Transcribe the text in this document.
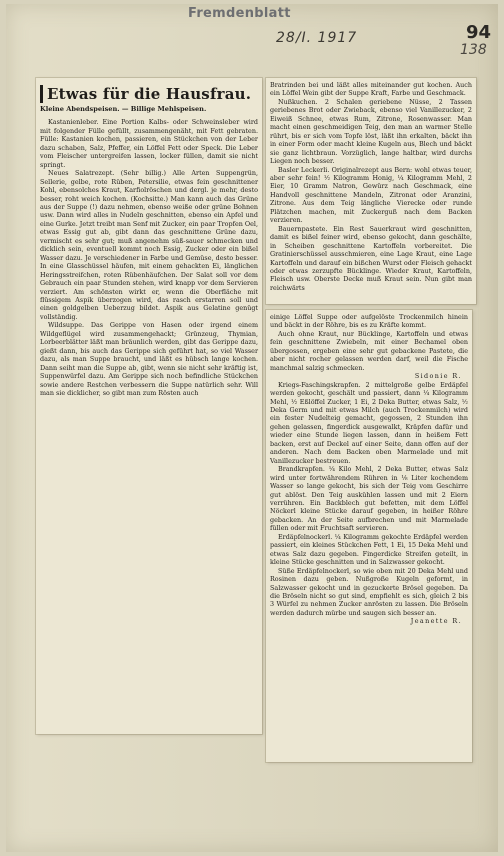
Fremdenblatt
28/I. 1917	94
138
Etwas für die Hausfrau.
Kleine Abendspeisen. — Billige Mehlspeisen.

Kastanienleber. Eine Portion Kalbs- oder Schweinsleber wird mit folgender Fülle gefüllt, zusammengenäht, mit Fett gebraten. Fülle: Kastanien kochen, passieren, ein Stückchen von der Leber dazu schaben, Salz, Pfeffer, ein Löffel Fett oder Speck. Die Leber vom Fleischer untergreifen lassen, locker füllen, damit sie nicht springt.

Neues Salatrezept. (Sehr billig.) Alle Arten Suppengrün, Sellerie, gelbe, rote Rüben, Petersilie, etwas fein geschnittener Kohl, ebensolches Kraut, Karfiolröschen und dergl. je mehr, desto besser, roht weich kochen. (Kochsitte.) Man kann auch das Grüne aus der Suppe (!) dazu nehmen, ebenso weiße oder grüne Bohnen usw. Dann wird alles in Nudeln geschnitten, ebenso ein Apfel und eine Gurke. Jetzt treibt man Senf mit Zucker, ein paar Tropfen Oel, etwas Essig gut ab, gibt dann das geschnittene Grüne dazu, vermischt es sehr gut; muß angenehm süß-sauer schmecken und dicklich sein, eventuell kommt noch Essig, Zucker oder ein bißel Wasser dazu. Je verschiedener in Farbe und Gemüse, desto besser. In eine Glasschüssel häufen, mit einem gehackten Ei, länglichen Heringsstreifchen, roten Rübenhäufchen. Der Salat soll vor dem Gebrauch ein paar Stunden stehen, wird knapp vor dem Servieren verziert. Am schönsten wirkt er, wenn die Oberfläche mit flüssigem Aspik überzogen wird, das rasch erstarren soll und einen goldgelben Ueberzug bildet. Aspik aus Gelatine genügt vollständig.

Wildsuppe. Das Gerippe von Hasen oder irgend einem Wildgeflügel wird zusammengehackt; Grünzeug, Thymian, Lorbeerblätter läßt man bräunlich werden, gibt das Gerippe dazu, gießt dann, bis auch das Gerippe sich geführt hat, so viel Wasser dazu, als man Suppe braucht, und läßt es hübsch lange kochen. Dann seiht man die Suppe ab, gibt, wenn sie nicht sehr kräftig ist, Suppenwürfel dazu. Am Gerippe sich noch befindliche Stückchen sowie andere Restchen verbessern die Suppe natürlich sehr. Will man sie dicklicher, so gibt man zum Rösten auch

Bratrinden bei und läßt alles miteinander gut kochen. Auch ein Löffel Wein gibt der Suppe Kraft, Farbe und Geschmack.

Nußkuchen. 2 Schalen geriebene Nüsse, 2 Tassen geriebenes Brot oder Zwieback, ebenso viel Vanillezucker, 2 Eiweiß Schnee, etwas Rum, Zitrone, Rosenwasser. Man macht einen geschmeidigen Teig, den man an warmer Stelle rührt, bis er sich vom Topfe löst, läßt ihn erkalten, bäckt ihn in einer Form oder macht kleine Kugeln aus, Blech und bäckt sie ganz lichtbraun. Vorzüglich, lange haltbar, wird durchs Liegen noch besser.

Basler Leckerli. Originalrezept aus Bern: wohl etwas teuer, aber sehr fein! ½ Kilogramm Honig, ¼ Kilogramm Mehl, 2 Eier, 10 Gramm Natron, Gewürz nach Geschmack, eine Handvoll geschnittene Mandeln, Zitronat oder Aranzini, Zitrone. Aus dem Teig längliche Vierecke oder runde Plätzchen machen, mit Zuckerguß nach dem Backen verzieren.

Bauernpastete. Ein Rest Sauerkraut wird geschnitten, damit es bißel feiner wird, ebenso gekocht, dann geschälte, in Scheiben geschnittene Kartoffeln vorbereitet. Die Gratinierschüssel ausschmieren, eine Lage Kraut, eine Lage Kartoffeln und darauf ein bißchen Wurst oder Fleisch gehackt oder etwas zerzupfte Bücklinge. Wieder Kraut, Kartoffeln, Fleisch usw. Oberste Decke muß Kraut sein. Nun gibt man reichwärts

einige Löffel Suppe oder aufgelöste Trockenmilch hinein und bäckt in der Röhre, bis es zu Kräfte kommt.

Auch ohne Kraut, nur Bücklinge, Kartoffeln und etwas fein geschnittene Zwiebeln, mit einer Bechamel oben übergossen, ergeben eine sehr gut gebackene Pastete, die aber nicht rocher gelassen werden darf, weil die Fische manchmal salzig schmecken.

Sidonie R.

Kriegs-Faschingskrapfen. 2 mittelgroße gelbe Erdäpfel werden gekocht, geschält und passiert, dann ¼ Kilogramm Mehl, ½ Eßlöffel Zucker, 1 Ei, 2 Deka Butter, etwas Salz, ½ Deka Germ und mit etwas Milch (auch Trockenmilch) wird ein fester Nudelteig gemacht, gegossen, 2 Stunden ihn gehen gelassen, fingerdick ausgewalkt, Kräpfen dafür und wieder eine Stunde liegen lassen, dann in heißem Fett backen, erst auf Deckel auf einer Seite, dann offen auf der anderen. Nach dem Backen oben Marmelade und mit Vanillezucker bestreuen.

Brandkrapfen. ¼ Kilo Mehl, 2 Deka Butter, etwas Salz wird unter fortwährendem Rühren in ⅛ Liter kochendem Wasser so lange gekocht, bis sich der Teig vom Geschirre gut ablöst. Den Teig auskühlen lassen und mit 2 Eiern verrühren. Ein Backblech gut befetten, mit dem Löffel Nöckerl kleine Stücke darauf gegeben, in heißer Röhre gebacken. An der Seite aufbrechen und mit Marmelade füllen oder mit Fruchtsaft servieren.

Erdäpfelnockerl. ¼ Kilogramm gekochte Erdäpfel werden passiert, ein kleines Stückchen Fett, 1 Ei, 15 Deka Mehl und etwas Salz dazu gegeben. Fingerdicke Streifen geteilt, in kleine Stücke geschnitten und in Salzwasser gekocht.

Süße Erdäpfelnockerl, so wie oben mit 20 Deka Mehl und Rosinen dazu geben. Nußgroße Kugeln geformt, in Salzwasser gekocht und in gezuckerte Brösel gegeben. Da die Bröseln nicht so gut sind, empfiehlt es sich, gleich 2 bis 3 Würfel zu nehmen Zucker anrösten zu lassen. Die Bröseln werden dadurch mürbe und saugen sich besser an.

Jeanette R.
